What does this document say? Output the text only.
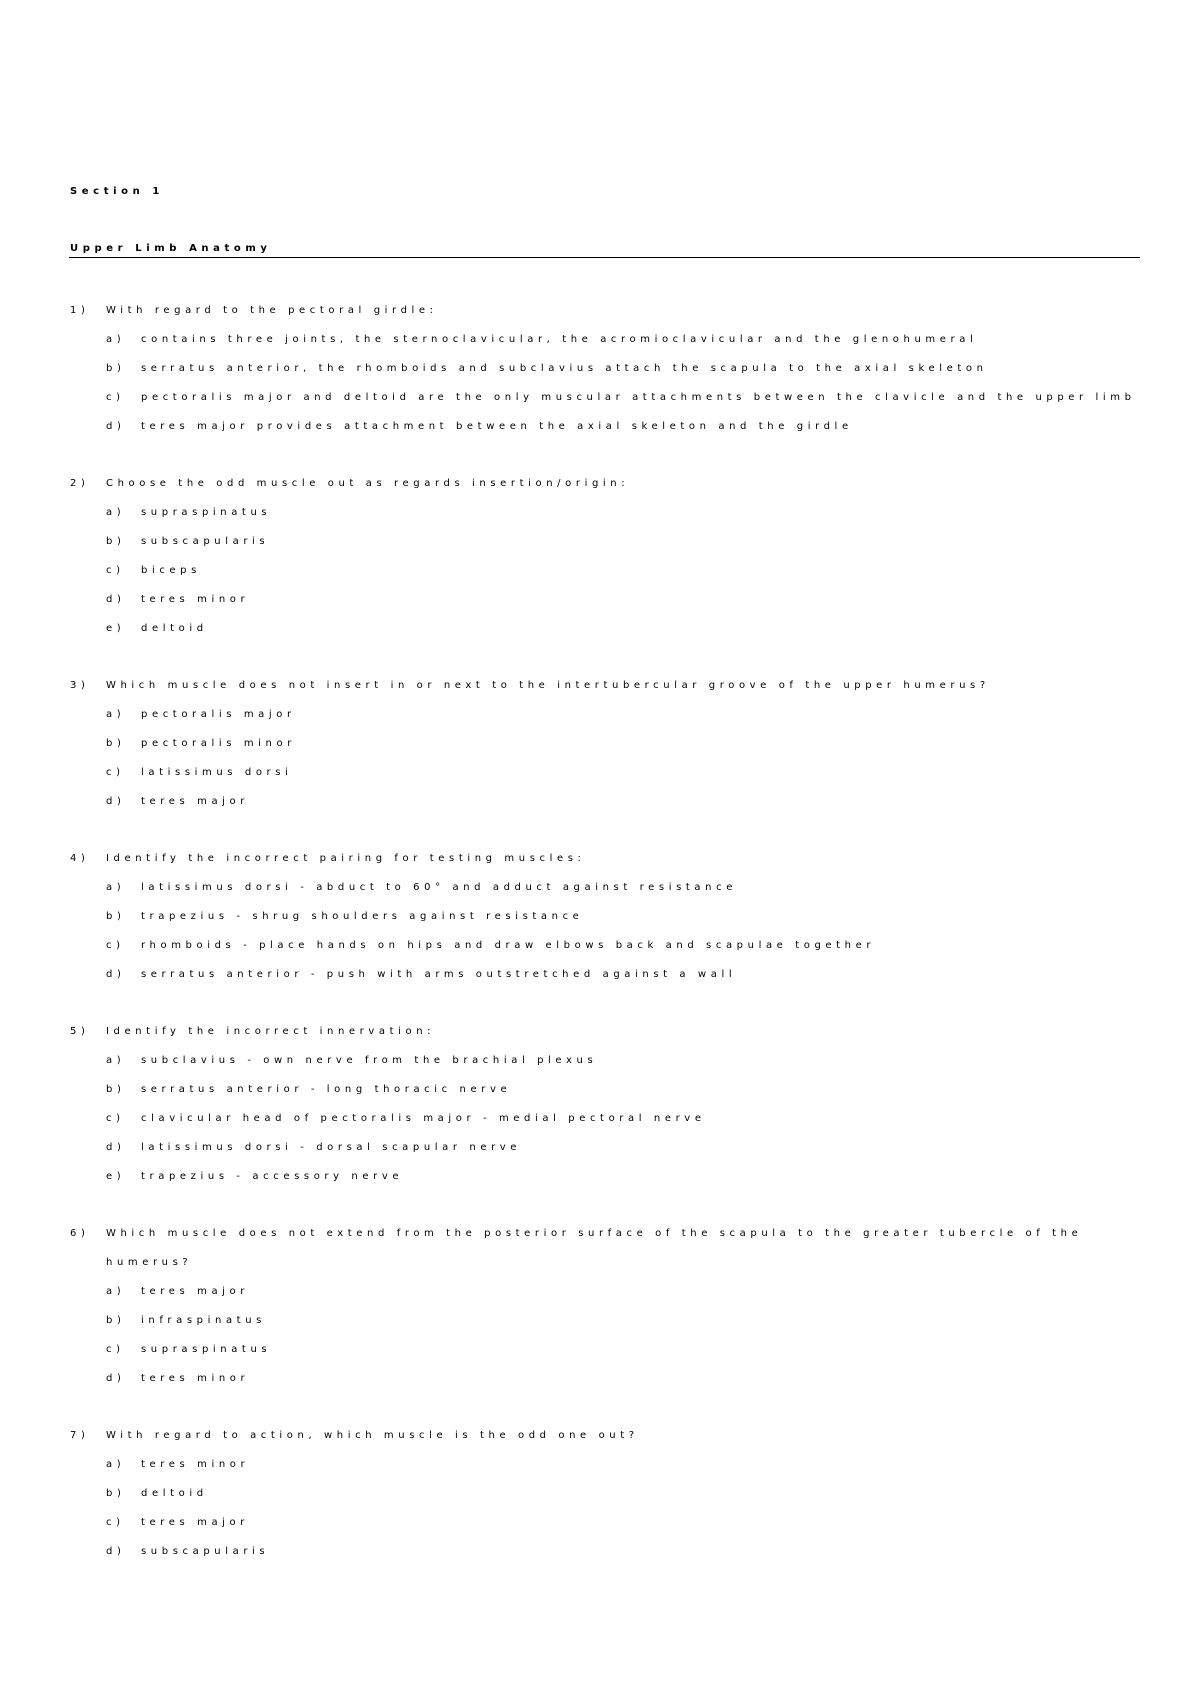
Section 1
Upper Limb Anatomy
1) With regard to the pectoral girdle:
a) contains three joints, the sternoclavicular, the acromioclavicular and the glenohumeral
b) serratus anterior, the rhomboids and subclavius attach the scapula to the axial skeleton
c) pectoralis major and deltoid are the only muscular attachments between the clavicle and the upper limb
d) teres major provides attachment between the axial skeleton and the girdle
2) Choose the odd muscle out as regards insertion/origin:
a) supraspinatus
b) subscapularis
c) biceps
d) teres minor
e) deltoid
3) Which muscle does not insert in or next to the intertubercular groove of the upper humerus?
a) pectoralis major
b) pectoralis minor
c) latissimus dorsi
d) teres major
4) Identify the incorrect pairing for testing muscles:
a) latissimus dorsi - abduct to 60° and adduct against resistance
b) trapezius - shrug shoulders against resistance
c) rhomboids - place hands on hips and draw elbows back and scapulae together
d) serratus anterior - push with arms outstretched against a wall
5) Identify the incorrect innervation:
a) subclavius - own nerve from the brachial plexus
b) serratus anterior - long thoracic nerve
c) clavicular head of pectoralis major - medial pectoral nerve
d) latissimus dorsi - dorsal scapular nerve
e) trapezius - accessory nerve
6) Which muscle does not extend from the posterior surface of the scapula to the greater tubercle of the
humerus?
a) teres major
b) infraspinatus
c) supraspinatus
d) teres minor
7) With regard to action, which muscle is the odd one out?
a) teres minor
b) deltoid
c) teres major
d) subscapularis
